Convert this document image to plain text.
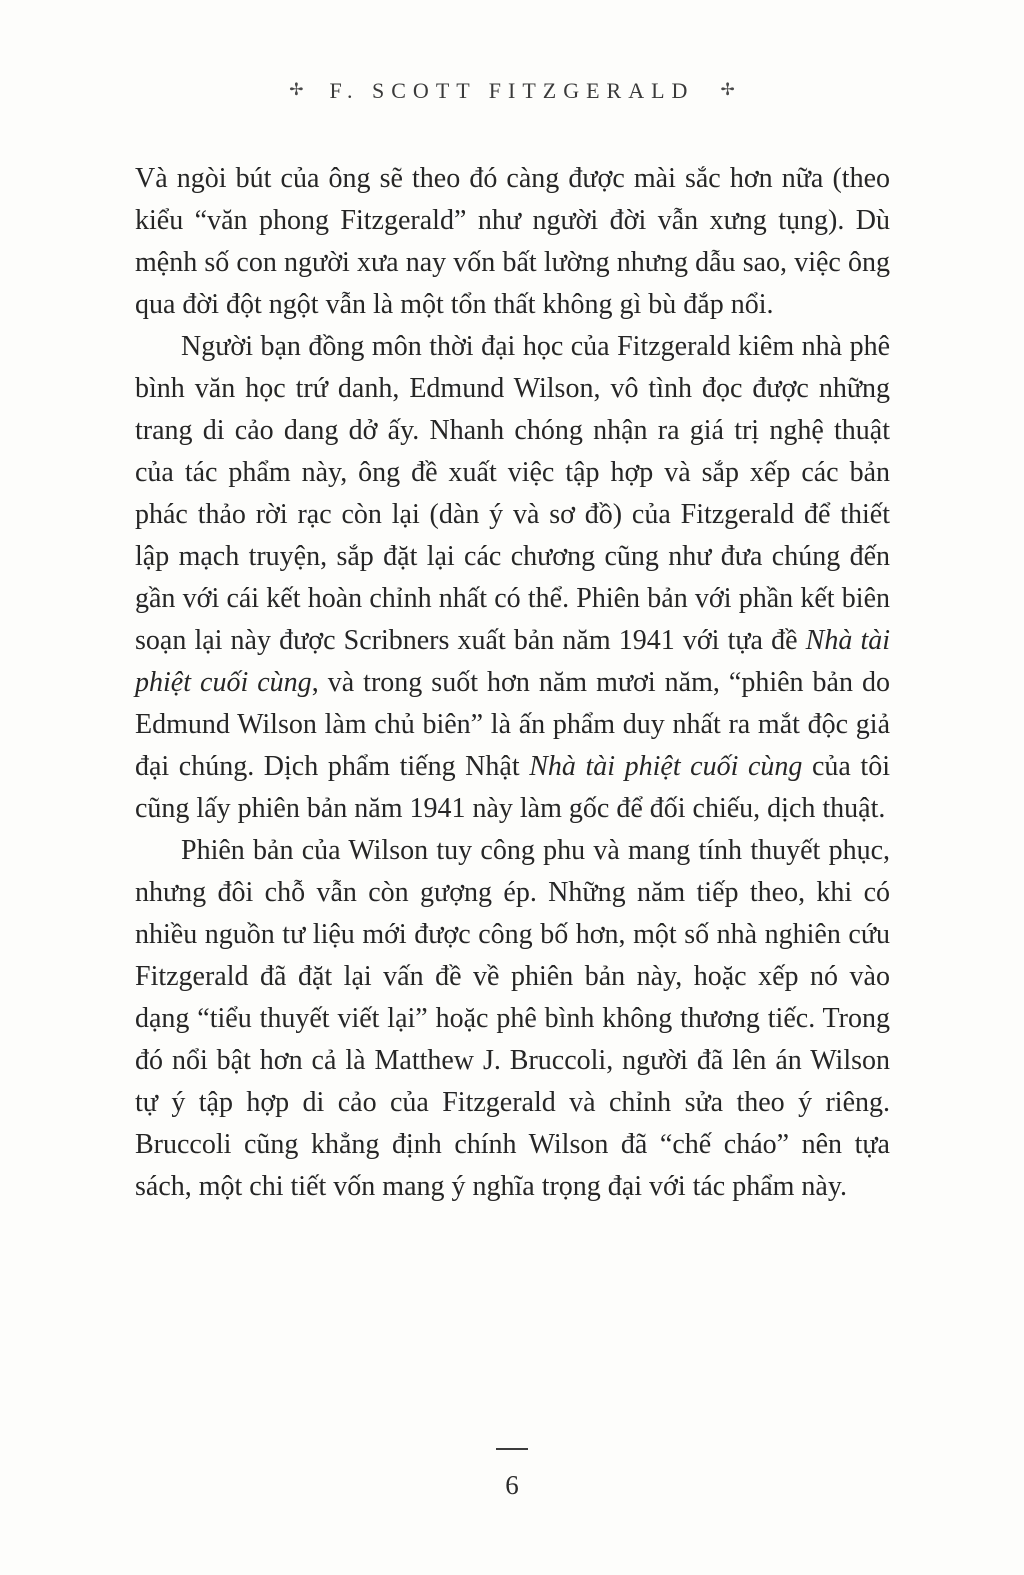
✢ F. SCOTT FITZGERALD ✢

Và ngòi bút của ông sẽ theo đó càng được mài sắc hơn nữa (theo kiểu “văn phong Fitzgerald” như người đời vẫn xưng tụng). Dù mệnh số con người xưa nay vốn bất lường nhưng dẫu sao, việc ông qua đời đột ngột vẫn là một tổn thất không gì bù đắp nổi.

Người bạn đồng môn thời đại học của Fitzgerald kiêm nhà phê bình văn học trứ danh, Edmund Wilson, vô tình đọc được những trang di cảo dang dở ấy. Nhanh chóng nhận ra giá trị nghệ thuật của tác phẩm này, ông đề xuất việc tập hợp và sắp xếp các bản phác thảo rời rạc còn lại (dàn ý và sơ đồ) của Fitzgerald để thiết lập mạch truyện, sắp đặt lại các chương cũng như đưa chúng đến gần với cái kết hoàn chỉnh nhất có thể. Phiên bản với phần kết biên soạn lại này được Scribners xuất bản năm 1941 với tựa đề Nhà tài phiệt cuối cùng, và trong suốt hơn năm mươi năm, “phiên bản do Edmund Wilson làm chủ biên” là ấn phẩm duy nhất ra mắt độc giả đại chúng. Dịch phẩm tiếng Nhật Nhà tài phiệt cuối cùng của tôi cũng lấy phiên bản năm 1941 này làm gốc để đối chiếu, dịch thuật.

Phiên bản của Wilson tuy công phu và mang tính thuyết phục, nhưng đôi chỗ vẫn còn gượng ép. Những năm tiếp theo, khi có nhiều nguồn tư liệu mới được công bố hơn, một số nhà nghiên cứu Fitzgerald đã đặt lại vấn đề về phiên bản này, hoặc xếp nó vào dạng “tiểu thuyết viết lại” hoặc phê bình không thương tiếc. Trong đó nổi bật hơn cả là Matthew J. Bruccoli, người đã lên án Wilson tự ý tập hợp di cảo của Fitzgerald và chỉnh sửa theo ý riêng. Bruccoli cũng khẳng định chính Wilson đã “chế cháo” nên tựa sách, một chi tiết vốn mang ý nghĩa trọng đại với tác phẩm này.

6
